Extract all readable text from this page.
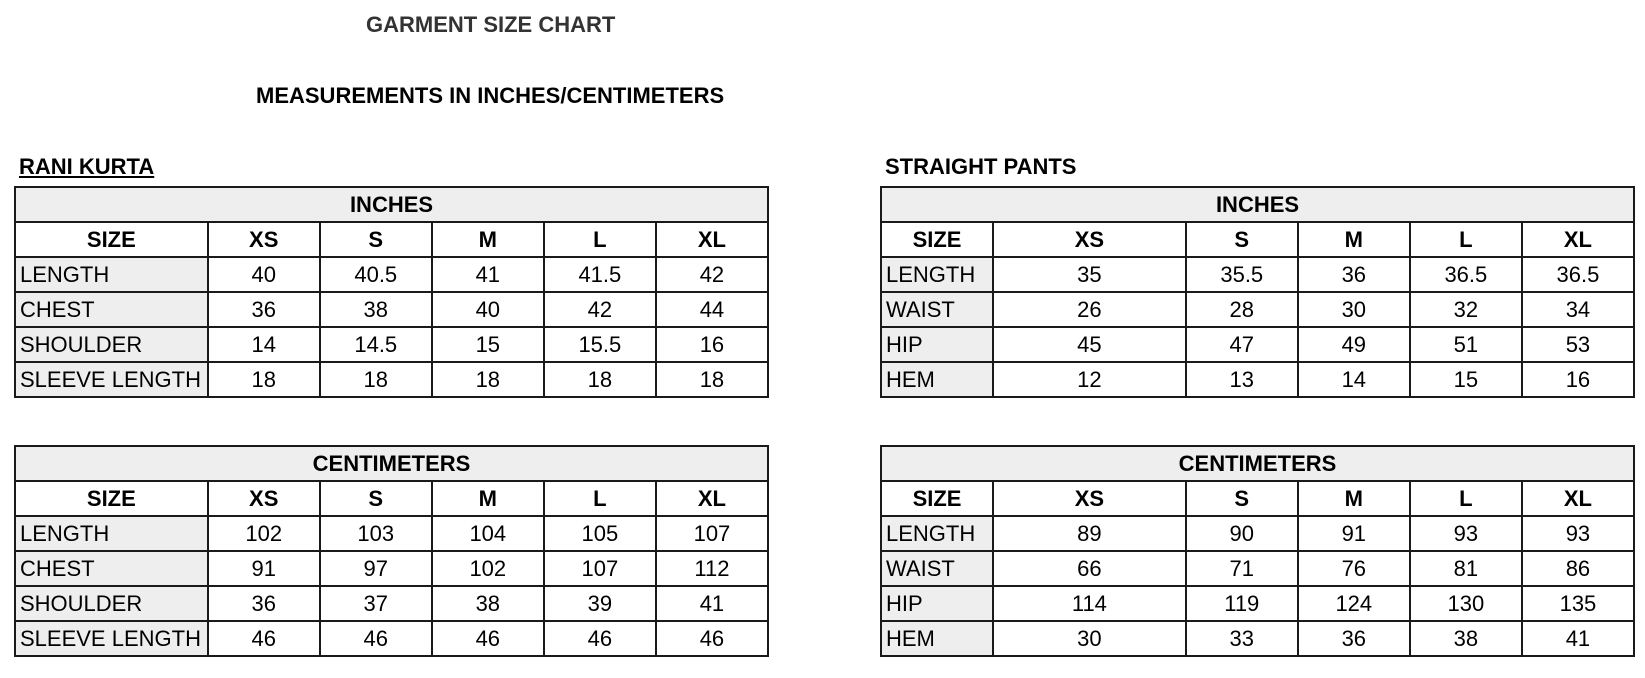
GARMENT SIZE CHART
MEASUREMENTS IN INCHES/CENTIMETERS
RANI KURTA	STRAIGHT PANTS
INCHES					
SIZE	XS	S	M	L	XL
LENGTH	40	40.5	41	41.5	42
CHEST	36	38	40	42	44
SHOULDER	14	14.5	15	15.5	16
SLEEVE LENGTH	18	18	18	18	18
CENTIMETERS					
SIZE	XS	S	M	L	XL
LENGTH	102	103	104	105	107
CHEST	91	97	102	107	112
SHOULDER	36	37	38	39	41
SLEEVE LENGTH	46	46	46	46	46
INCHES					
SIZE	XS	S	M	L	XL
LENGTH	35	35.5	36	36.5	36.5
WAIST	26	28	30	32	34
HIP	45	47	49	51	53
HEM	12	13	14	15	16
CENTIMETERS					
SIZE	XS	S	M	L	XL
LENGTH	89	90	91	93	93
WAIST	66	71	76	81	86
HIP	114	119	124	130	135
HEM	30	33	36	38	41
